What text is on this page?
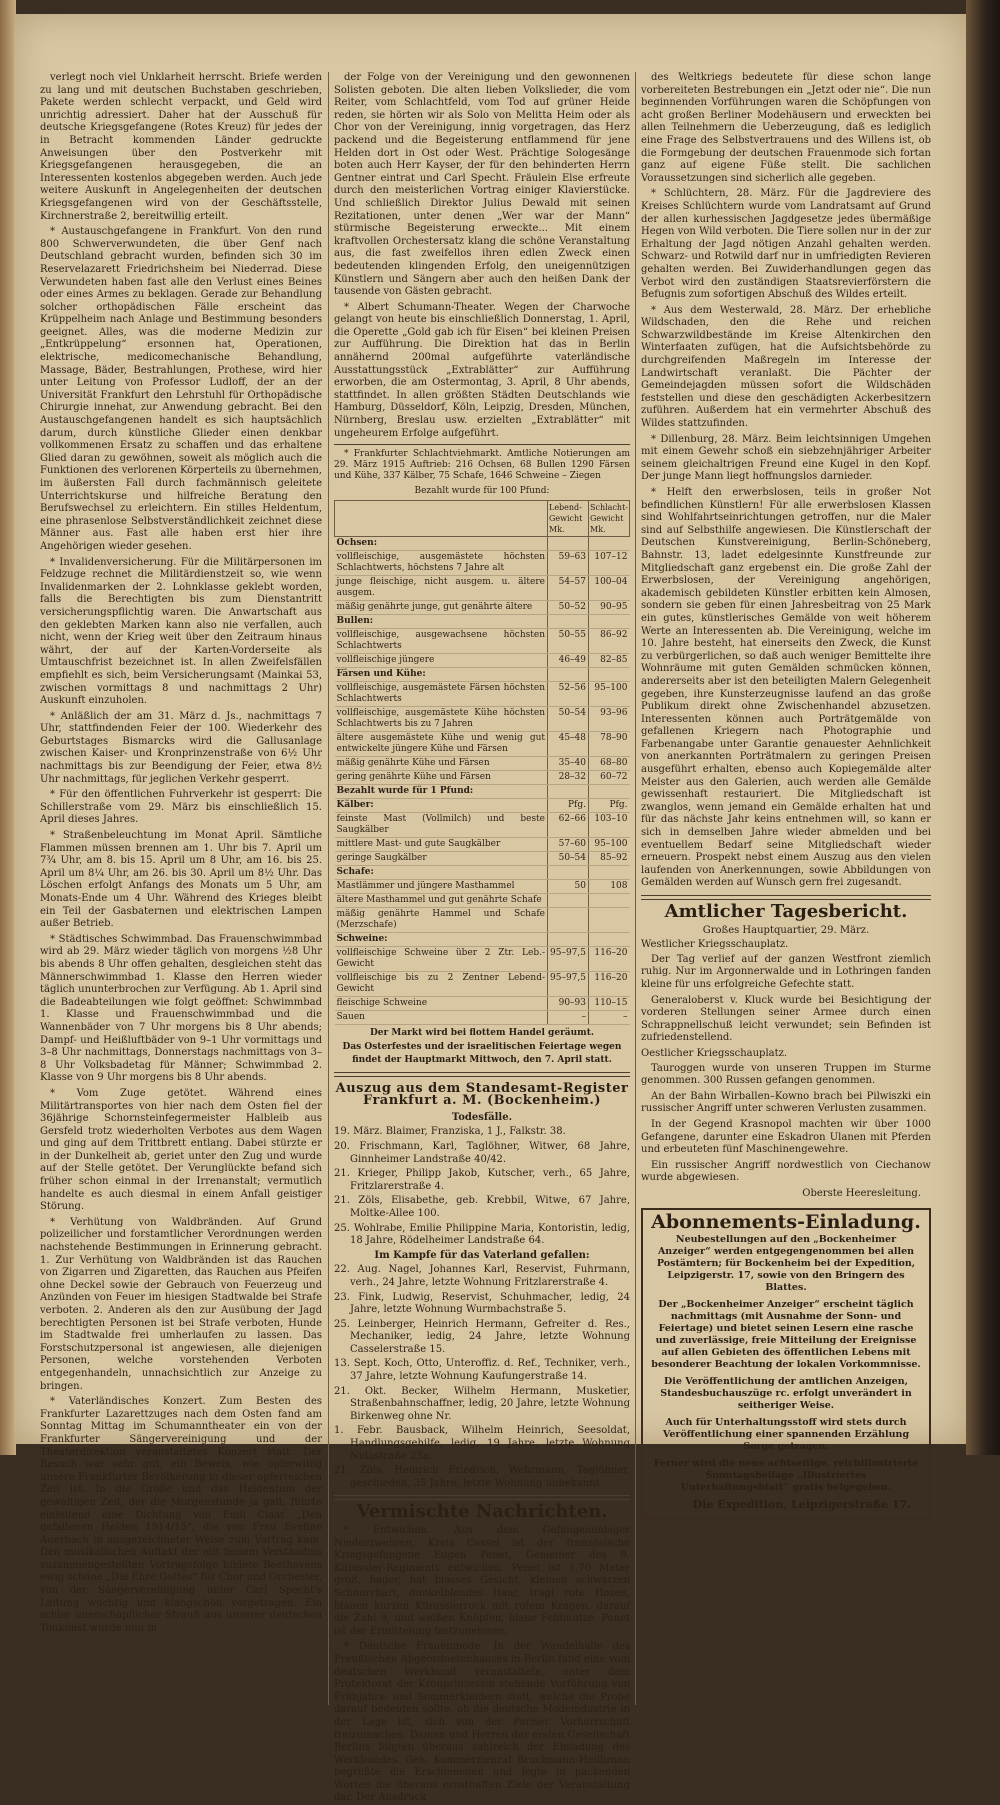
verlegt noch viel Unklarheit herrscht. Briefe werden zu lang und mit deutschen Buchstaben geschrieben, Pakete werden schlecht verpackt, und Geld wird unrichtig adressiert. Daher hat der Ausschuß für deutsche Kriegsgefangene (Rotes Kreuz) für jedes der in Betracht kommenden Länder gedruckte Anweisungen über den Postverkehr mit Kriegsgefangenen herausgegeben, die an Interessenten kostenlos abgegeben werden. Auch jede weitere Auskunft in Angelegenheiten der deutschen Kriegsgefangenen wird von der Geschäftsstelle, Kirchnerstraße 2, bereitwillig erteilt.

* Austauschgefangene in Frankfurt. Von den rund 800 Schwerverwundeten, die über Genf nach Deutschland gebracht wurden, befinden sich 30 im Reservelazarett Friedrichsheim bei Niederrad. Diese Verwundeten haben fast alle den Verlust eines Beines oder eines Armes zu beklagen. Gerade zur Behandlung solcher orthopädischen Fälle erscheint das Krüppelheim nach Anlage und Bestimmung besonders geeignet. Alles, was die moderne Medizin zur „Entkrüppelung“ ersonnen hat, Operationen, elektrische, medicomechanische Behandlung, Massage, Bäder, Bestrahlungen, Prothese, wird hier unter Leitung von Professor Ludloff, der an der Universität Frankfurt den Lehrstuhl für Orthopädische Chirurgie innehat, zur Anwendung gebracht. Bei den Austauschgefangenen handelt es sich hauptsächlich darum, durch künstliche Glieder einen denkbar vollkommenen Ersatz zu schaffen und das erhaltene Glied daran zu gewöhnen, soweit als möglich auch die Funktionen des verlorenen Körperteils zu übernehmen, im äußersten Fall durch fachmännisch geleitete Unterrichtskurse und hilfreiche Beratung den Berufswechsel zu erleichtern. Ein stilles Heldentum, eine phrasenlose Selbstverständlichkeit zeichnet diese Männer aus. Fast alle haben erst hier ihre Angehörigen wieder gesehen.

* Invalidenversicherung. Für die Militärpersonen im Feldzuge rechnet die Militärdienstzeit so, wie wenn Invalidenmarken der 2. Lohnklasse geklebt worden, falls die Berechtigten bis zum Dienstantritt versicherungspflichtig waren. Die Anwartschaft aus den geklebten Marken kann also nie verfallen, auch nicht, wenn der Krieg weit über den Zeitraum hinaus währt, der auf der Karten-Vorderseite als Umtauschfrist bezeichnet ist. In allen Zweifelsfällen empfiehlt es sich, beim Versicherungsamt (Mainkai 53, zwischen vormittags 8 und nachmittags 2 Uhr) Auskunft einzuholen.

* Anläßlich der am 31. März d. Js., nachmittags 7 Uhr, stattfindenden Feier der 100. Wiederkehr des Geburtstages Bismarcks wird die Gallusanlage zwischen Kaiser- und Kronprinzenstraße von 6½ Uhr nachmittags bis zur Beendigung der Feier, etwa 8½ Uhr nachmittags, für jeglichen Verkehr gesperrt.

* Für den öffentlichen Fuhrverkehr ist gesperrt: Die Schillerstraße vom 29. März bis einschließlich 15. April dieses Jahres.

* Straßenbeleuchtung im Monat April. Sämtliche Flammen müssen brennen am 1. Uhr bis 7. April um 7¾ Uhr, am 8. bis 15. April um 8 Uhr, am 16. bis 25. April um 8¼ Uhr, am 26. bis 30. April um 8½ Uhr. Das Löschen erfolgt Anfangs des Monats um 5 Uhr, am Monats-Ende um 4 Uhr. Während des Krieges bleibt ein Teil der Gasbaternen und elektrischen Lampen außer Betrieb.

* Städtisches Schwimmbad. Das Frauenschwimmbad wird ab 29. März wieder täglich von morgens ½8 Uhr bis abends 8 Uhr offen gehalten, desgleichen steht das Männerschwimmbad 1. Klasse den Herren wieder täglich ununterbrochen zur Verfügung. Ab 1. April sind die Badeabteilungen wie folgt geöffnet: Schwimmbad 1. Klasse und Frauenschwimmbad und die Wannenbäder von 7 Uhr morgens bis 8 Uhr abends; Dampf- und Heißluftbäder von 9–1 Uhr vormittags und 3–8 Uhr nachmittags, Donnerstags nachmittags von 3–8 Uhr Volksbadetag für Männer; Schwimmbad 2. Klasse von 9 Uhr morgens bis 8 Uhr abends.

* Vom Zuge getötet. Während eines Militärtransportes von hier nach dem Osten fiel der 36jährige Schornsteinfegermeister Halbleib aus Gersfeld trotz wiederholten Verbotes aus dem Wagen und ging auf dem Trittbrett entlang. Dabei stürzte er in der Dunkelheit ab, geriet unter den Zug und wurde auf der Stelle getötet. Der Verunglückte befand sich früher schon einmal in der Irrenanstalt; vermutlich handelte es auch diesmal in einem Anfall geistiger Störung.

* Verhütung von Waldbränden. Auf Grund polizeilicher und forstamtlicher Verordnungen werden nachstehende Bestimmungen in Erinnerung gebracht. 1. Zur Verhütung von Waldbränden ist das Rauchen von Zigarren und Zigaretten, das Rauchen aus Pfeifen ohne Deckel sowie der Gebrauch von Feuerzeug und Anzünden von Feuer im hiesigen Stadtwalde bei Strafe verboten. 2. Anderen als den zur Ausübung der Jagd berechtigten Personen ist bei Strafe verboten, Hunde im Stadtwalde frei umherlaufen zu lassen. Das Forstschutzpersonal ist angewiesen, alle diejenigen Personen, welche vorstehenden Verboten entgegenhandeln, unnachsichtlich zur Anzeige zu bringen.

* Vaterländisches Konzert. Zum Besten des Frankfurter Lazarettzuges nach dem Osten fand am Sonntag Mittag im Schumanntheater ein von der Frankfurter Sängervereinigung und der Theaterdirektion veranstaltetes Konzert statt. Der Besuch war sehr gut, ein Beweis, wie opferwillig unsere Frankfurter Bevölkerung in dieser opferreichen Zeit ist. In die Größe und das Heldentum der gewaltigen Zeit, der die Morgenstunde ja galt, führte einleitend eine Dichtung von Emil Claar „Den gefallenen Helden 1914/15“, die von Frau Eveline Auerbach in ausgezeichneter Weise zum Vortrag kam. Den musikalischen Auftakt der mit feinem Verständnis zusammengestellten Vortragsfolge bildete Beethovens ewig schöne „Die Ehre Gottes“ für Chor und Orchester, von der Sängervereinigung unter Carl Specht's Leitung wuchtig und klangschön vorgetragen. Ein schier unerschöpflicher Strauß aus unserer deutschen Tonkunst wurde nun in

der Folge von der Vereinigung und den gewonnenen Solisten geboten. Die alten lieben Volkslieder, die vom Reiter, vom Schlachtfeld, vom Tod auf grüner Heide reden, sie hörten wir als Solo von Melitta Heim oder als Chor von der Vereinigung, innig vorgetragen, das Herz packend und die Begeisterung entflammend für jene Helden dort in Ost oder West. Prächtige Sologesänge boten auch Herr Kayser, der für den behinderten Herrn Gentner eintrat und Carl Specht. Fräulein Else erfreute durch den meisterlichen Vortrag einiger Klavierstücke. Und schließlich Direktor Julius Dewald mit seinen Rezitationen, unter denen „Wer war der Mann“ stürmische Begeisterung erweckte... Mit einem kraftvollen Orchestersatz klang die schöne Veranstaltung aus, die fast zweifellos ihren edlen Zweck einen bedeutenden klingenden Erfolg, den uneigennützigen Künstlern und Sängern aber auch den heißen Dank der tausende von Gästen gebracht.

* Albert Schumann-Theater. Wegen der Charwoche gelangt von heute bis einschließlich Donnerstag, 1. April, die Operette „Gold gab ich für Eisen“ bei kleinen Preisen zur Aufführung. Die Direktion hat das in Berlin annähernd 200mal aufgeführte vaterländische Ausstattungsstück „Extrablätter“ zur Aufführung erworben, die am Ostermontag, 3. April, 8 Uhr abends, stattfindet. In allen größten Städten Deutschlands wie Hamburg, Düsseldorf, Köln, Leipzig, Dresden, München, Nürnberg, Breslau usw. erzielten „Extrablätter“ mit ungeheurem Erfolge aufgeführt.

* Frankfurter Schlachtviehmarkt. Amtliche Notierungen am 29. März 1915 Auftrieb: 216 Ochsen, 68 Bullen 1290 Färsen und Kühe, 337 Kälber, 75 Schafe, 1646 Schweine – Ziegen

Bezahlt wurde für 100 Pfund:
	Lebend-Gewicht Mk.	Schlacht-Gewicht Mk.
Ochsen:		
vollfleischige, ausgemästete höchsten Schlachtwerts, höchstens 7 Jahre alt	59–63	107–12
junge fleischige, nicht ausgem. u. ältere ausgem.	54–57	100–04
mäßig genährte junge, gut genährte ältere	50–52	90–95
Bullen:		
vollfleischige, ausgewachsene höchsten Schlachtwerts	50–55	86–92
vollfleischige jüngere	46–49	82–85
Färsen und Kühe:		
vollfleischige, ausgemästete Färsen höchsten Schlachtwerts	52–56	95–100
vollfleischige, ausgemästete Kühe höchsten Schlachtwerts bis zu 7 Jahren	50–54	93–96
ältere ausgemästete Kühe und wenig gut entwickelte jüngere Kühe und Färsen	45–48	78–90
mäßig genährte Kühe und Färsen	35–40	68–80
gering genährte Kühe und Färsen	28–32	60–72
Bezahlt wurde für 1 Pfund:		
Kälber:	Pfg.	Pfg.
feinste Mast (Vollmilch) und beste Saugkälber	62–66	103–10
mittlere Mast- und gute Saugkälber	57–60	95–100
geringe Saugkälber	50–54	85–92
Schafe:		
Mastlämmer und jüngere Masthammel	50	108
ältere Masthammel und gut genährte Schafe		
mäßig genährte Hammel und Schafe (Merzschafe)		
Schweine:		
vollfleischige Schweine über 2 Ztr. Leb.-Gewicht	95–97,5	116–20
vollfleischige bis zu 2 Zentner Lebend-Gewicht	95–97,5	116–20
fleischige Schweine	90–93	110–15
Sauen	–	–
Der Markt wird bei flottem Handel geräumt.
Das Osterfestes und der israelitischen Feiertage wegen findet der Hauptmarkt Mittwoch, den 7. April statt.
Auszug aus dem Standesamt-Register Frankfurt a. M. (Bockenheim.)
Todesfälle.
19. März. Blaimer, Franziska, 1 J., Falkstr. 38.
20. Frischmann, Karl, Taglöhner, Witwer, 68 Jahre, Ginnheimer Landstraße 40/42.
21. Krieger, Philipp Jakob, Kutscher, verh., 65 Jahre, Fritzlarerstraße 4.
21. Zöls, Elisabethe, geb. Krebbil, Witwe, 67 Jahre, Moltke-Allee 100.
25. Wohlrabe, Emilie Philippine Maria, Kontoristin, ledig, 18 Jahre, Rödelheimer Landstraße 64.
Im Kampfe für das Vaterland gefallen:
22. Aug. Nagel, Johannes Karl, Reservist, Fuhrmann, verh., 24 Jahre, letzte Wohnung Fritzlarerstraße 4.
23. Fink, Ludwig, Reservist, Schuhmacher, ledig, 24 Jahre, letzte Wohnung Wurmbachstraße 5.
25. Leinberger, Heinrich Hermann, Gefreiter d. Res., Mechaniker, ledig, 24 Jahre, letzte Wohnung Casselerstraße 15.
13. Sept. Koch, Otto, Unteroffiz. d. Ref., Techniker, verh., 37 Jahre, letzte Wohnung Kaufungerstraße 14.
21. Okt. Becker, Wilhelm Hermann, Musketier, Straßenbahnschaffner, ledig, 20 Jahre, letzte Wohnung Birkenweg ohne Nr.
1. Febr. Bausback, Wilhelm Heinrich, Seesoldat, Handlungsgehilfe, ledig, 19 Jahre, letzte Wohnung Nidastraße 23a.
21. Zöls, Heinrich Friedrich, Wehrmann, Taglöhner, geschieden, 35 Jahre, letzte Wohnung unbekannt.
Vermischte Nachrichten.

* Entwichen. Aus dem Gefangenenlager Niederzwehren, Kreis Cassel ist der französische Kriegsgefangene Eugen Penet, Gemeiner des 9. Kürassier-Regiments entwichen. Penet ist 1,70 Meter groß, hager, hat blasses Gesicht, kleinen schwarzen Schnurrbart, dunkelblondes Haar, trägt rote Hosen, blauen kurzen Kürassierrock mit rotem Kragen, darauf die Zahl 9, und weißen Knöpfen, blaue Feldmütze. Penet ist der Ermittelung festzunehmen.

* Deutsche Frauenmode. In der Wandelhalle des Preußischen Abgeordnetenhauses in Berlin fand eine vom deutschen Werkbund veranstaltete, unter dem Protektorat der Kronprinzessin stehende Vorführung von Frühjahrs- und Sommerkleidern statt, welche die Probe darauf bedeuten sollte, ob die deutsche Modeindustrie in der Lage ist, sich von der Pariser Vorherrschaft freizumachen. Damen und Herren der ersten Gesellschaft Berlins folgten überaus zahlreich der Einladung des Werkbundes. Geh. Kommerzienrat Bruckmann-Heilbronn begrüßte die Erschienenen und legte in packenden Worten die überaus ernsthaften Ziele der Veranstaltung dar. Der Ausdruck

des Weltkriegs bedeutete für diese schon lange vorbereiteten Bestrebungen ein „Jetzt oder nie“. Die nun beginnenden Vorführungen waren die Schöpfungen von acht großen Berliner Modehäusern und erweckten bei allen Teilnehmern die Ueberzeugung, daß es lediglich eine Frage des Selbstvertrauens und des Willens ist, ob die Formgebung der deutschen Frauenmode sich fortan ganz auf eigene Füße stellt. Die sachlichen Voraussetzungen sind sicherlich alle gegeben.

* Schlüchtern, 28. März. Für die Jagdreviere des Kreises Schlüchtern wurde vom Landratsamt auf Grund der allen kurhessischen Jagdgesetze jedes übermäßige Hegen von Wild verboten. Die Tiere sollen nur in der zur Erhaltung der Jagd nötigen Anzahl gehalten werden. Schwarz- und Rotwild darf nur in umfriedigten Revieren gehalten werden. Bei Zuwiderhandlungen gegen das Verbot wird den zuständigen Staatsrevierförstern die Befugnis zum sofortigen Abschuß des Wildes erteilt.

* Aus dem Westerwald, 28. März. Der erhebliche Wildschaden, den die Rehe und reichen Schwarzwildbestände im Kreise Altenkirchen den Winterfaaten zufügen, hat die Aufsichtsbehörde zu durchgreifenden Maßregeln im Interesse der Landwirtschaft veranlaßt. Die Pächter der Gemeindejagden müssen sofort die Wildschäden feststellen und diese den geschädigten Ackerbesitzern zuführen. Außerdem hat ein vermehrter Abschuß des Wildes stattzufinden.

* Dillenburg, 28. März. Beim leichtsinnigen Umgehen mit einem Gewehr schoß ein siebzehnjähriger Arbeiter seinem gleichaltrigen Freund eine Kugel in den Kopf. Der junge Mann liegt hoffnungslos darnieder.

* Helft den erwerbslosen, teils in großer Not befindlichen Künstlern! Für alle erwerbslosen Klassen sind Wohlfahrtseinrichtungen getroffen, nur die Maler sind auf Selbsthilfe angewiesen. Die Künstlerschaft der Deutschen Kunstvereinigung, Berlin-Schöneberg, Bahnstr. 13, ladet edelgesinnte Kunstfreunde zur Mitgliedschaft ganz ergebenst ein. Die große Zahl der Erwerbslosen, der Vereinigung angehörigen, akademisch gebildeten Künstler erbitten kein Almosen, sondern sie geben für einen Jahresbeitrag von 25 Mark ein gutes, künstlerisches Gemälde von weit höherem Werte an Interessenten ab. Die Vereinigung, welche im 10. Jahre besteht, hat einerseits den Zweck, die Kunst zu verbürgerlichen, so daß auch weniger Bemittelte ihre Wohnräume mit guten Gemälden schmücken können, andererseits aber ist den beteiligten Malern Gelegenheit gegeben, ihre Kunsterzeugnisse laufend an das große Publikum direkt ohne Zwischenhandel abzusetzen. Interessenten können auch Porträtgemälde von gefallenen Kriegern nach Photographie und Farbenangabe unter Garantie genauester Aehnlichkeit von anerkannten Porträtmalern zu geringen Preisen ausgeführt erhalten, ebenso auch Kopiegemälde alter Meister aus den Galerien, auch werden alle Gemälde gewissenhaft restauriert. Die Mitgliedschaft ist zwanglos, wenn jemand ein Gemälde erhalten hat und für das nächste Jahr keins entnehmen will, so kann er sich in demselben Jahre wieder abmelden und bei eventuellem Bedarf seine Mitgliedschaft wieder erneuern. Prospekt nebst einem Auszug aus den vielen laufenden von Anerkennungen, sowie Abbildungen von Gemälden werden auf Wunsch gern frei zugesandt.

Amtlicher Tagesbericht.
Großes Hauptquartier, 29. März.
Westlicher Kriegsschauplatz.

Der Tag verlief auf der ganzen Westfront ziemlich ruhig. Nur im Argonnerwalde und in Lothringen fanden kleine für uns erfolgreiche Gefechte statt.

Generaloberst v. Kluck wurde bei Besichtigung der vorderen Stellungen seiner Armee durch einen Schrappnellschuß leicht verwundet; sein Befinden ist zufriedenstellend.

Oestlicher Kriegsschauplatz.

Tauroggen wurde von unseren Truppen im Sturme genommen. 300 Russen gefangen genommen.

An der Bahn Wirballen–Kowno brach bei Pilwiszki ein russischer Angriff unter schweren Verlusten zusammen.

In der Gegend Krasnopol machten wir über 1000 Gefangene, darunter eine Eskadron Ulanen mit Pferden und erbeuteten fünf Maschinengewehre.

Ein russischer Angriff nordwestlich von Ciechanow wurde abgewiesen.

Oberste Heeresleitung.
Abonnements-Einladung.

Neubestellungen auf den „Bockenheimer Anzeiger“ werden entgegengenommen bei allen Postämtern; für Bockenheim bei der Expedition, Leipzigerstr. 17, sowie von den Bringern des Blattes.

Der „Bockenheimer Anzeiger“ erscheint täglich nachmittags (mit Ausnahme der Sonn- und Feiertage) und bietet seinen Lesern eine rasche und zuverlässige, freie Mitteilung der Ereignisse auf allen Gebieten des öffentlichen Lebens mit besonderer Beachtung der lokalen Vorkommnisse.

Die Veröffentlichung der amtlichen Anzeigen, Standesbuchauszüge rc. erfolgt unverändert in seitheriger Weise.

Auch für Unterhaltungsstoff wird stets durch Veröffentlichung einer spannenden Erzählung Sorge getragen.

Ferner wird die neue achtseitige, reichillustrierte Sonntagsbeilage „Illustriertes Unterhaltungsblatt“ gratis beigegeben.

Die Expedition, Leipzigerstraße 17.
